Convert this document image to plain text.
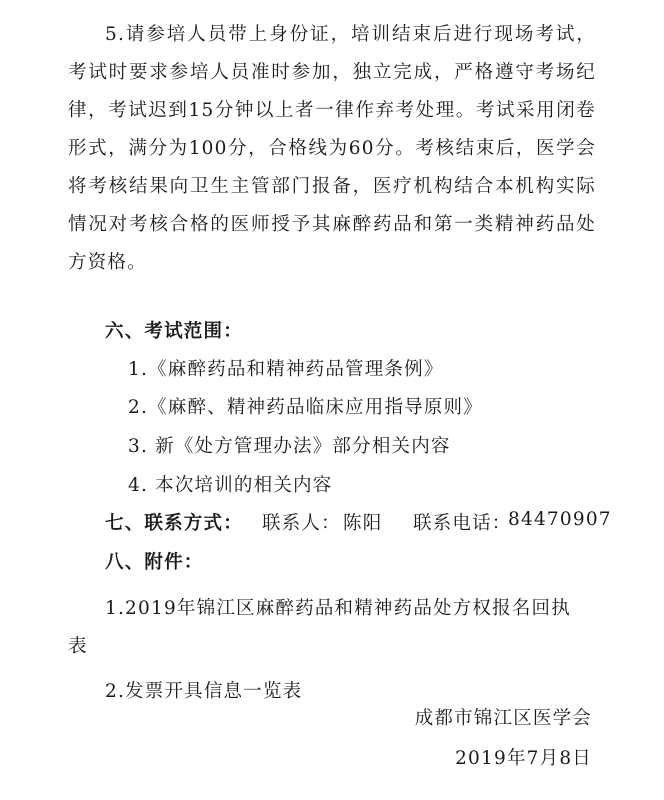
5.请参培人员带上身份证，培训结束后进行现场考试，考试时要求参培人员准时参加，独立完成，严格遵守考场纪律，考试迟到15分钟以上者一律作弃考处理。考试采用闭卷形式，满分为100分，合格线为60分。考核结束后，医学会将考核结果向卫生主管部门报备，医疗机构结合本机构实际情况对考核合格的医师授予其麻醉药品和第一类精神药品处方资格。

六、考试范围：

1.《麻醉药品和精神药品管理条例》

2.《麻醉、精神药品临床应用指导原则》

3. 新《处方管理办法》部分相关内容

4. 本次培训的相关内容

七、联系方式： 联系人： 陈阳 联系电话：

84470907

八、附件：

1.2019年锦江区麻醉药品和精神药品处方权报名回执

表

2.发票开具信息一览表

成都市锦江区医学会

2019年7月8日
